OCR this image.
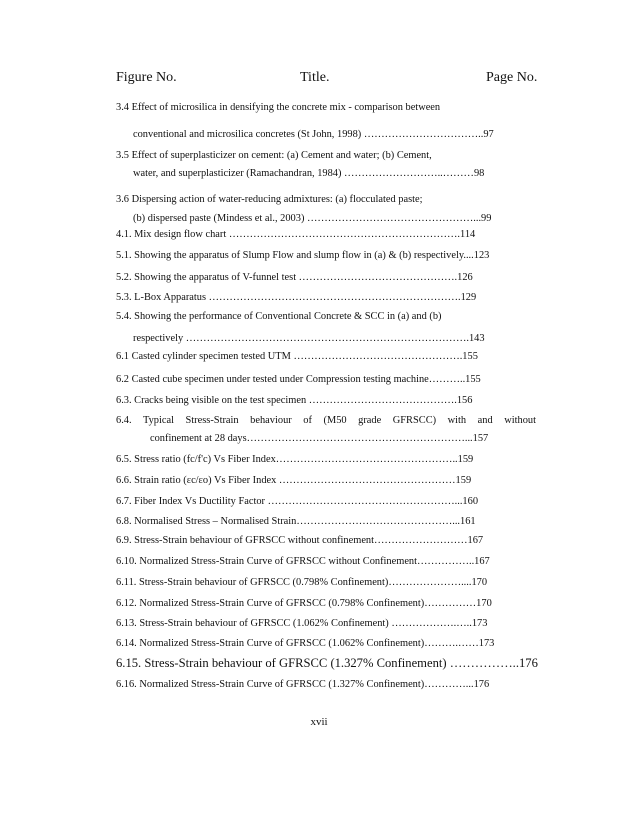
Figure No.	Title.	Page No.
3.4 Effect of microsilica in densifying the concrete mix - comparison between
conventional and microsilica concretes (St John, 1998) ……………………………..97
3.5 Effect of superplasticizer on cement: (a) Cement and water; (b) Cement,
water, and superplasticizer (Ramachandran, 1984) ………………………..………98
3.6 Dispersing action of water-reducing admixtures: (a) flocculated paste;
(b) dispersed paste (Mindess et al., 2003) …………………………………………...99
4.1. Mix design flow chart ………………………………………………………….114
5.1. Showing the apparatus of Slump Flow and slump flow in (a) & (b) respectively....123
5.2. Showing the apparatus of V-funnel test ……………………………………….126
5.3. L-Box Apparatus ……………………………………………………………….129
5.4. Showing the performance of Conventional Concrete & SCC in (a) and (b)
respectively ……………………………………………………………………….143
6.1 Casted cylinder specimen tested UTM ………………………………………….155
6.2 Casted cube specimen under tested under Compression testing machine………..155
6.3. Cracks being visible on the test specimen …………………………………….156
6.4. Typical Stress-Strain behaviour of (M50 grade GFRSCC) with and without
confinement at 28 days………………………………………………………...157
6.5. Stress ratio (fc/f'c) Vs Fiber Index……………………………………………..159
6.6. Strain ratio (εc/εo) Vs Fiber Index ……………………………………………159
6.7. Fiber Index Vs Ductility Factor ………………………………………………...160
6.8. Normalised Stress – Normalised Strain………………………………………...161
6.9. Stress-Strain behaviour of GFRSCC without confinement………………………167
6.10. Normalized Stress-Strain Curve of GFRSCC without Confinement……………..167
6.11. Stress-Strain behaviour of GFRSCC (0.798% Confinement)…………………....170
6.12. Normalized Stress-Strain Curve of GFRSCC (0.798% Confinement)……………170
6.13. Stress-Strain behaviour of GFRSCC (1.062% Confinement) ……………….…..173
6.14. Normalized Stress-Strain Curve of GFRSCC (1.062% Confinement)……….……173
6.15. Stress-Strain behaviour of GFRSCC (1.327% Confinement) ……………..176
6.16. Normalized Stress-Strain Curve of GFRSCC (1.327% Confinement)…………...176
xvii
